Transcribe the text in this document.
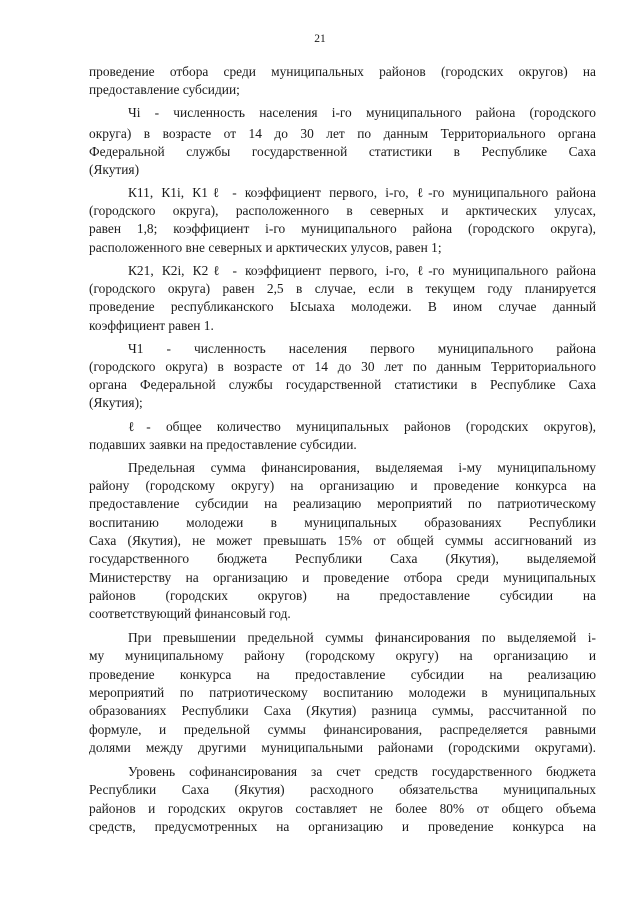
21
проведение отбора среди муниципальных районов (городских округов) на
предоставление субсидии;
Чi - численность населения i-го муниципального района (городского
округа) в возрасте от 14 до 30 лет по данным Территориального органа
Федеральной службы государственной статистики в Республике Саха
(Якутия)
К11, К1i, К1ℓ - коэффициент первого, i-го, ℓ-го муниципального района
(городского округа), расположенного в северных и арктических улусах,
равен 1,8; коэффициент i-го муниципального района (городского округа),
расположенного вне северных и арктических улусов, равен 1;
К21, К2i, К2ℓ - коэффициент первого, i-го, ℓ-го муниципального района
(городского округа) равен 2,5 в случае, если в текущем году планируется
проведение республиканского Ысыаха молодежи. В ином случае данный
коэффициент равен 1.
Ч1 - численность населения первого муниципального района
(городского округа) в возрасте от 14 до 30 лет по данным Территориального
органа Федеральной службы государственной статистики в Республике Саха
(Якутия);
ℓ- общее количество муниципальных районов (городских округов),
подавших заявки на предоставление субсидии.
Предельная сумма финансирования, выделяемая i-му муниципальному
району (городскому округу) на организацию и проведение конкурса на
предоставление субсидии на реализацию мероприятий по патриотическому
воспитанию молодежи в муниципальных образованиях Республики
Саха (Якутия), не может превышать 15% от общей суммы ассигнований из
государственного бюджета Республики Саха (Якутия), выделяемой
Министерству на организацию и проведение отбора среди муниципальных
районов (городских округов) на предоставление субсидии на
соответствующий финансовый год.
При превышении предельной суммы финансирования по выделяемой i-
му муниципальному району (городскому округу) на организацию и
проведение конкурса на предоставление субсидии на реализацию
мероприятий по патриотическому воспитанию молодежи в муниципальных
образованиях Республики Саха (Якутия) разница суммы, рассчитанной по
формуле, и предельной суммы финансирования, распределяется равными
долями между другими муниципальными районами (городскими округами).
Уровень софинансирования за счет средств государственного бюджета
Республики Саха (Якутия) расходного обязательства муниципальных
районов и городских округов составляет не более 80% от общего объема
средств, предусмотренных на организацию и проведение конкурса на
